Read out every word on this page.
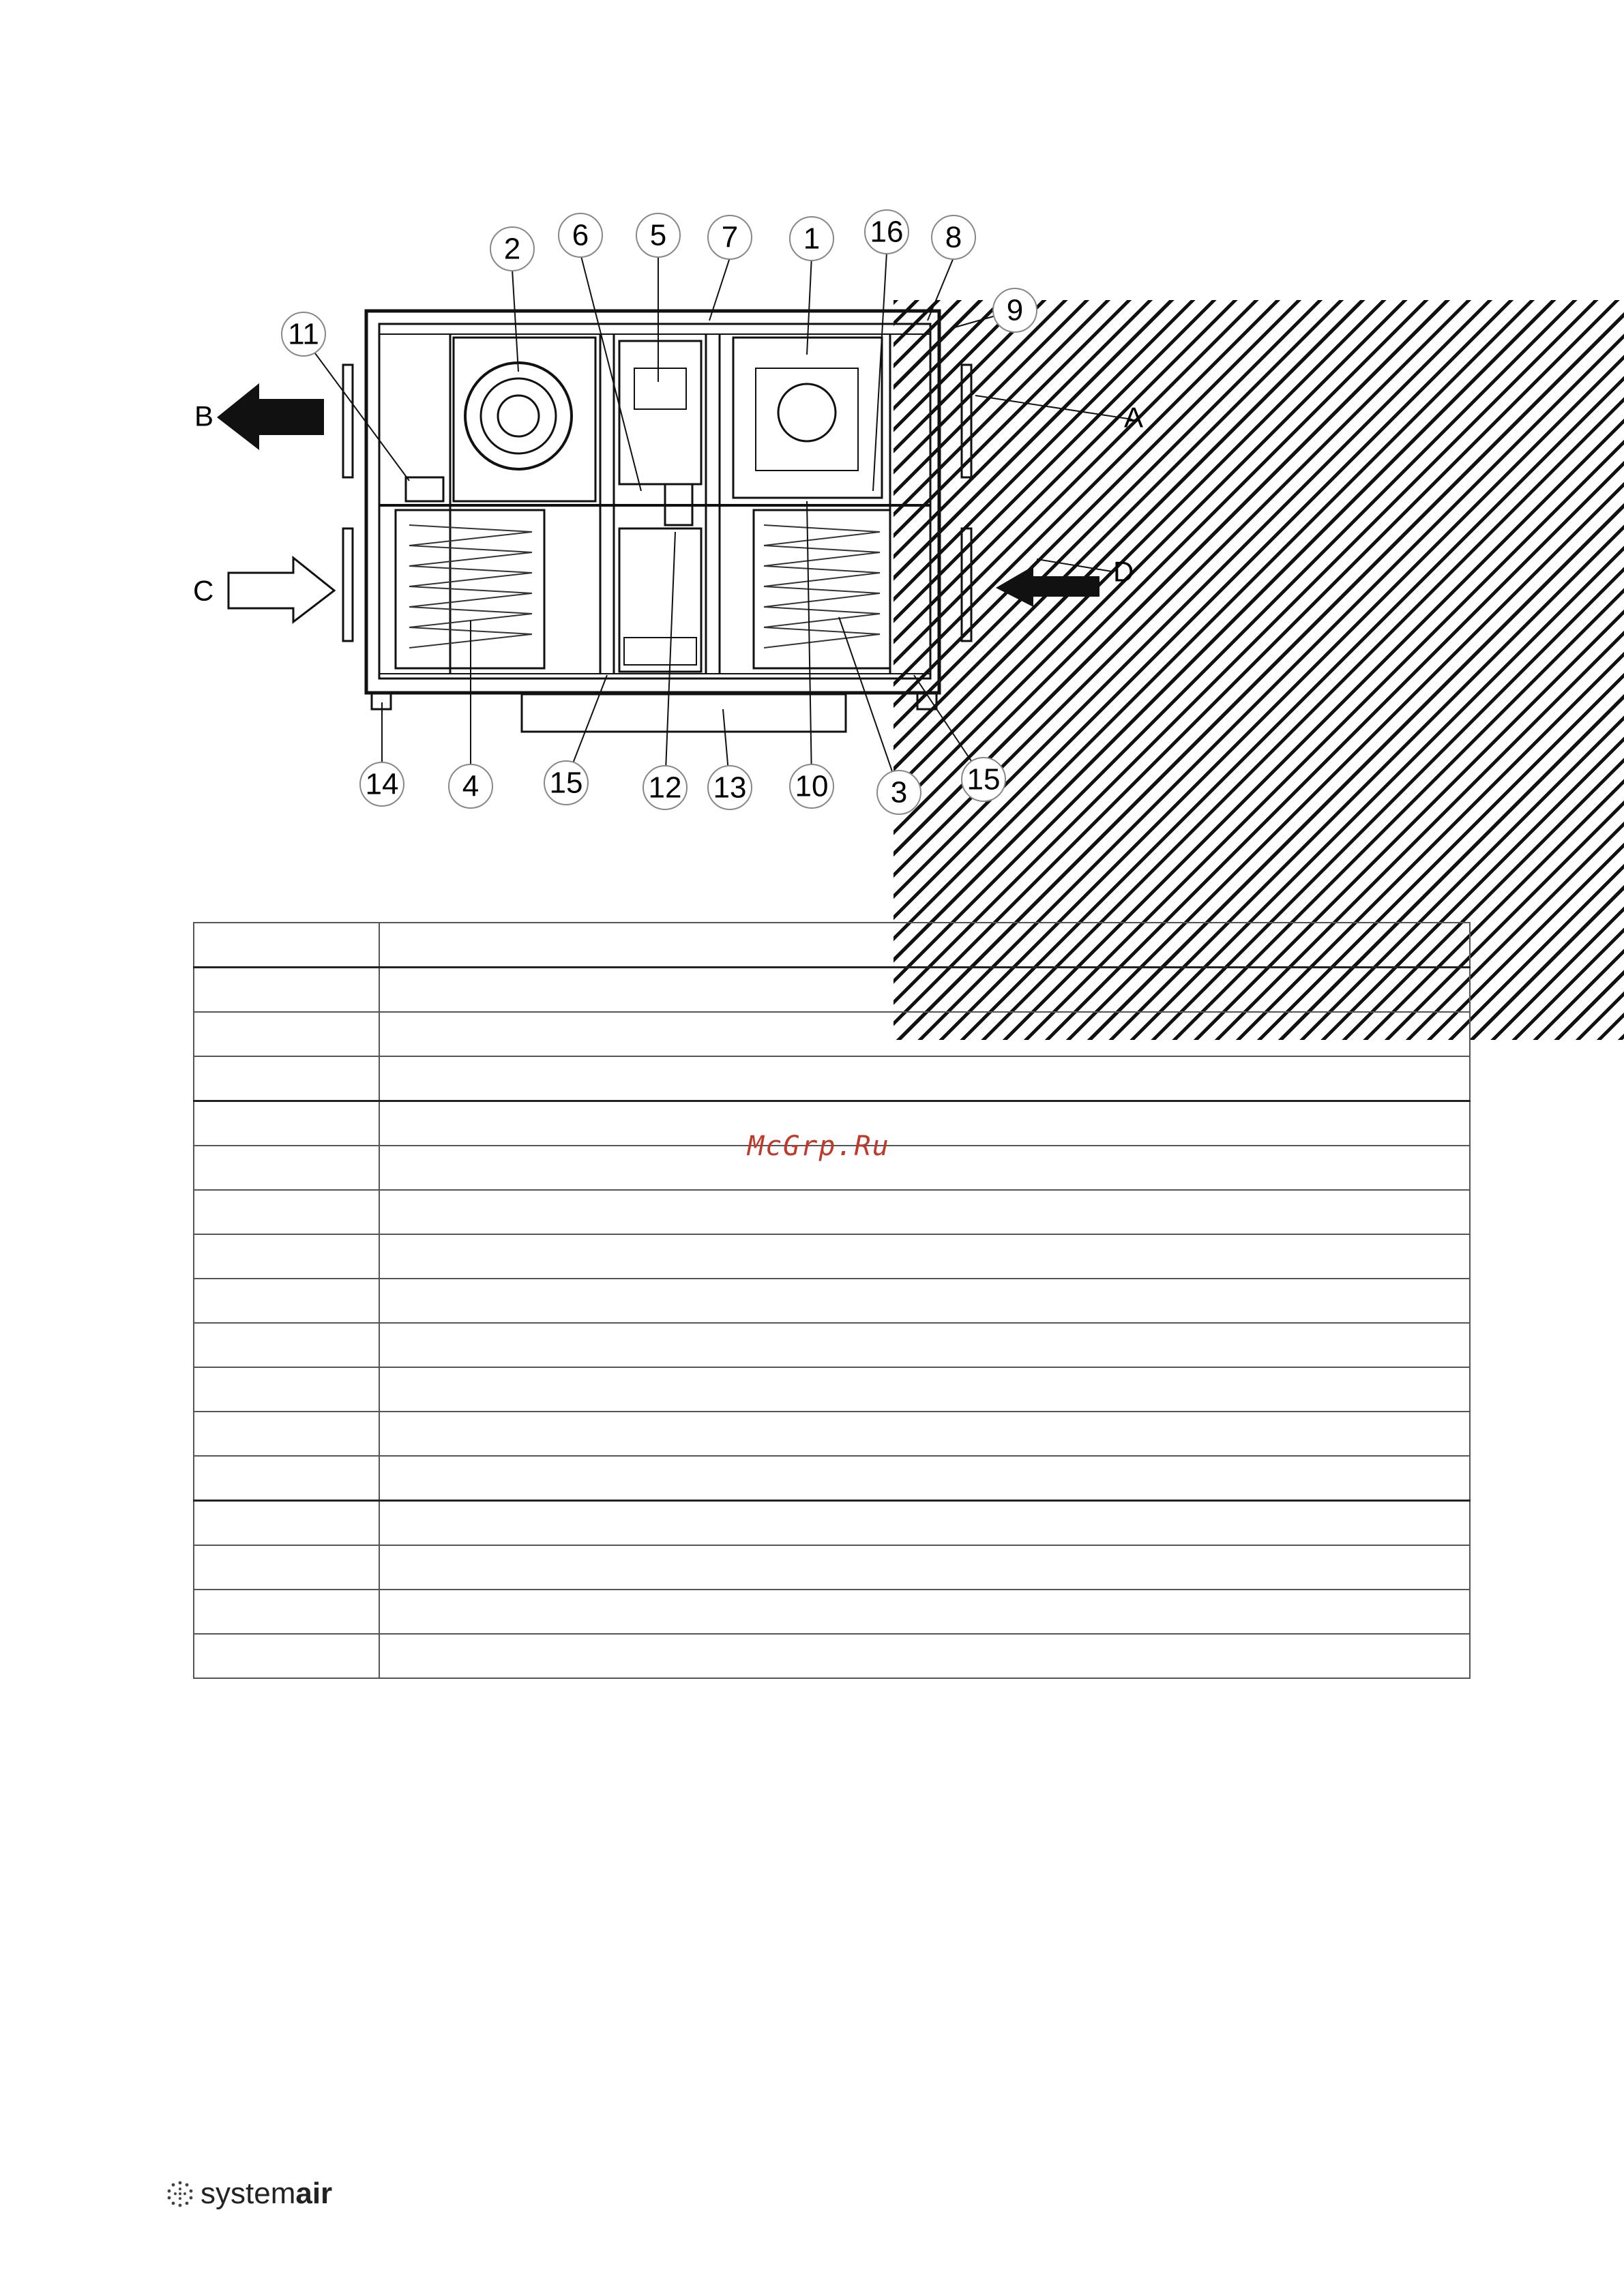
1
2 6 5 7	16 8
9
11
10
12 13
14 4 15	3 15
A
B
C
D

McGrp.Ru
systemair
